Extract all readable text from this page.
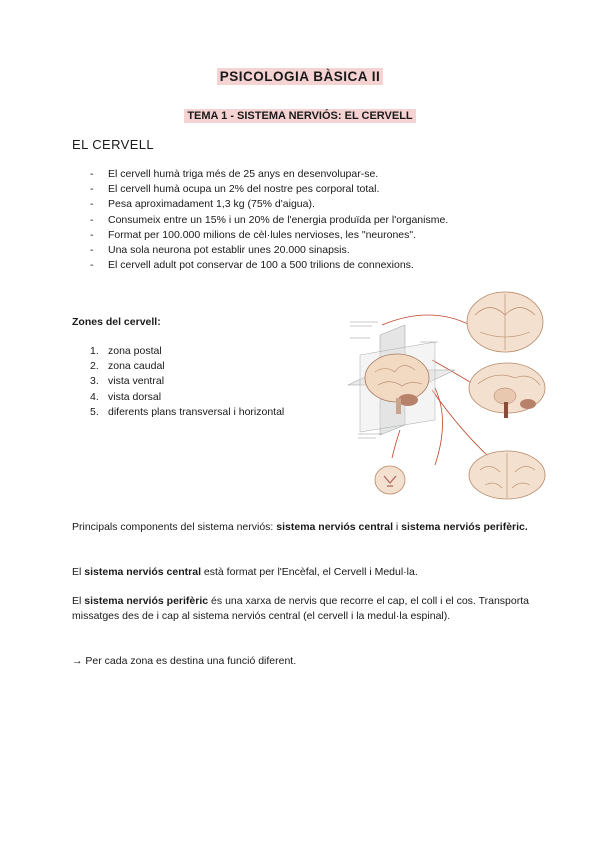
PSICOLOGIA BÀSICA II
TEMA 1 - SISTEMA NERVIÓS: EL CERVELL
EL CERVELL
- El cervell humà triga més de 25 anys en desenvolupar-se.
- El cervell humà ocupa un 2% del nostre pes corporal total.
- Pesa aproximadament 1,3 kg (75% d'aigua).
- Consumeix entre un 15% i un 20% de l'energia produïda per l'organisme.
- Format per 100.000 milions de cèl·lules nervioses, les "neurones".
- Una sola neurona pot establir unes 20.000 sinapsis.
- El cervell adult pot conservar de 100 a 500 trilions de connexions.
Zones del cervell:
1. zona postal
2. zona caudal
3. vista ventral
4. vista dorsal
5. diferents plans transversal i horizontal

Principals components del sistema nerviós: sistema nerviós central i sistema nerviós perifèric.

El sistema nerviós central està format per l'Encèfal, el Cervell i Medul·la.

El sistema nerviós perifèric és una xarxa de nervis que recorre el cap, el coll i el cos. Transporta missatges des de i cap al sistema nerviós central (el cervell i la medul·la espinal).

→ Per cada zona es destina una funció diferent.
